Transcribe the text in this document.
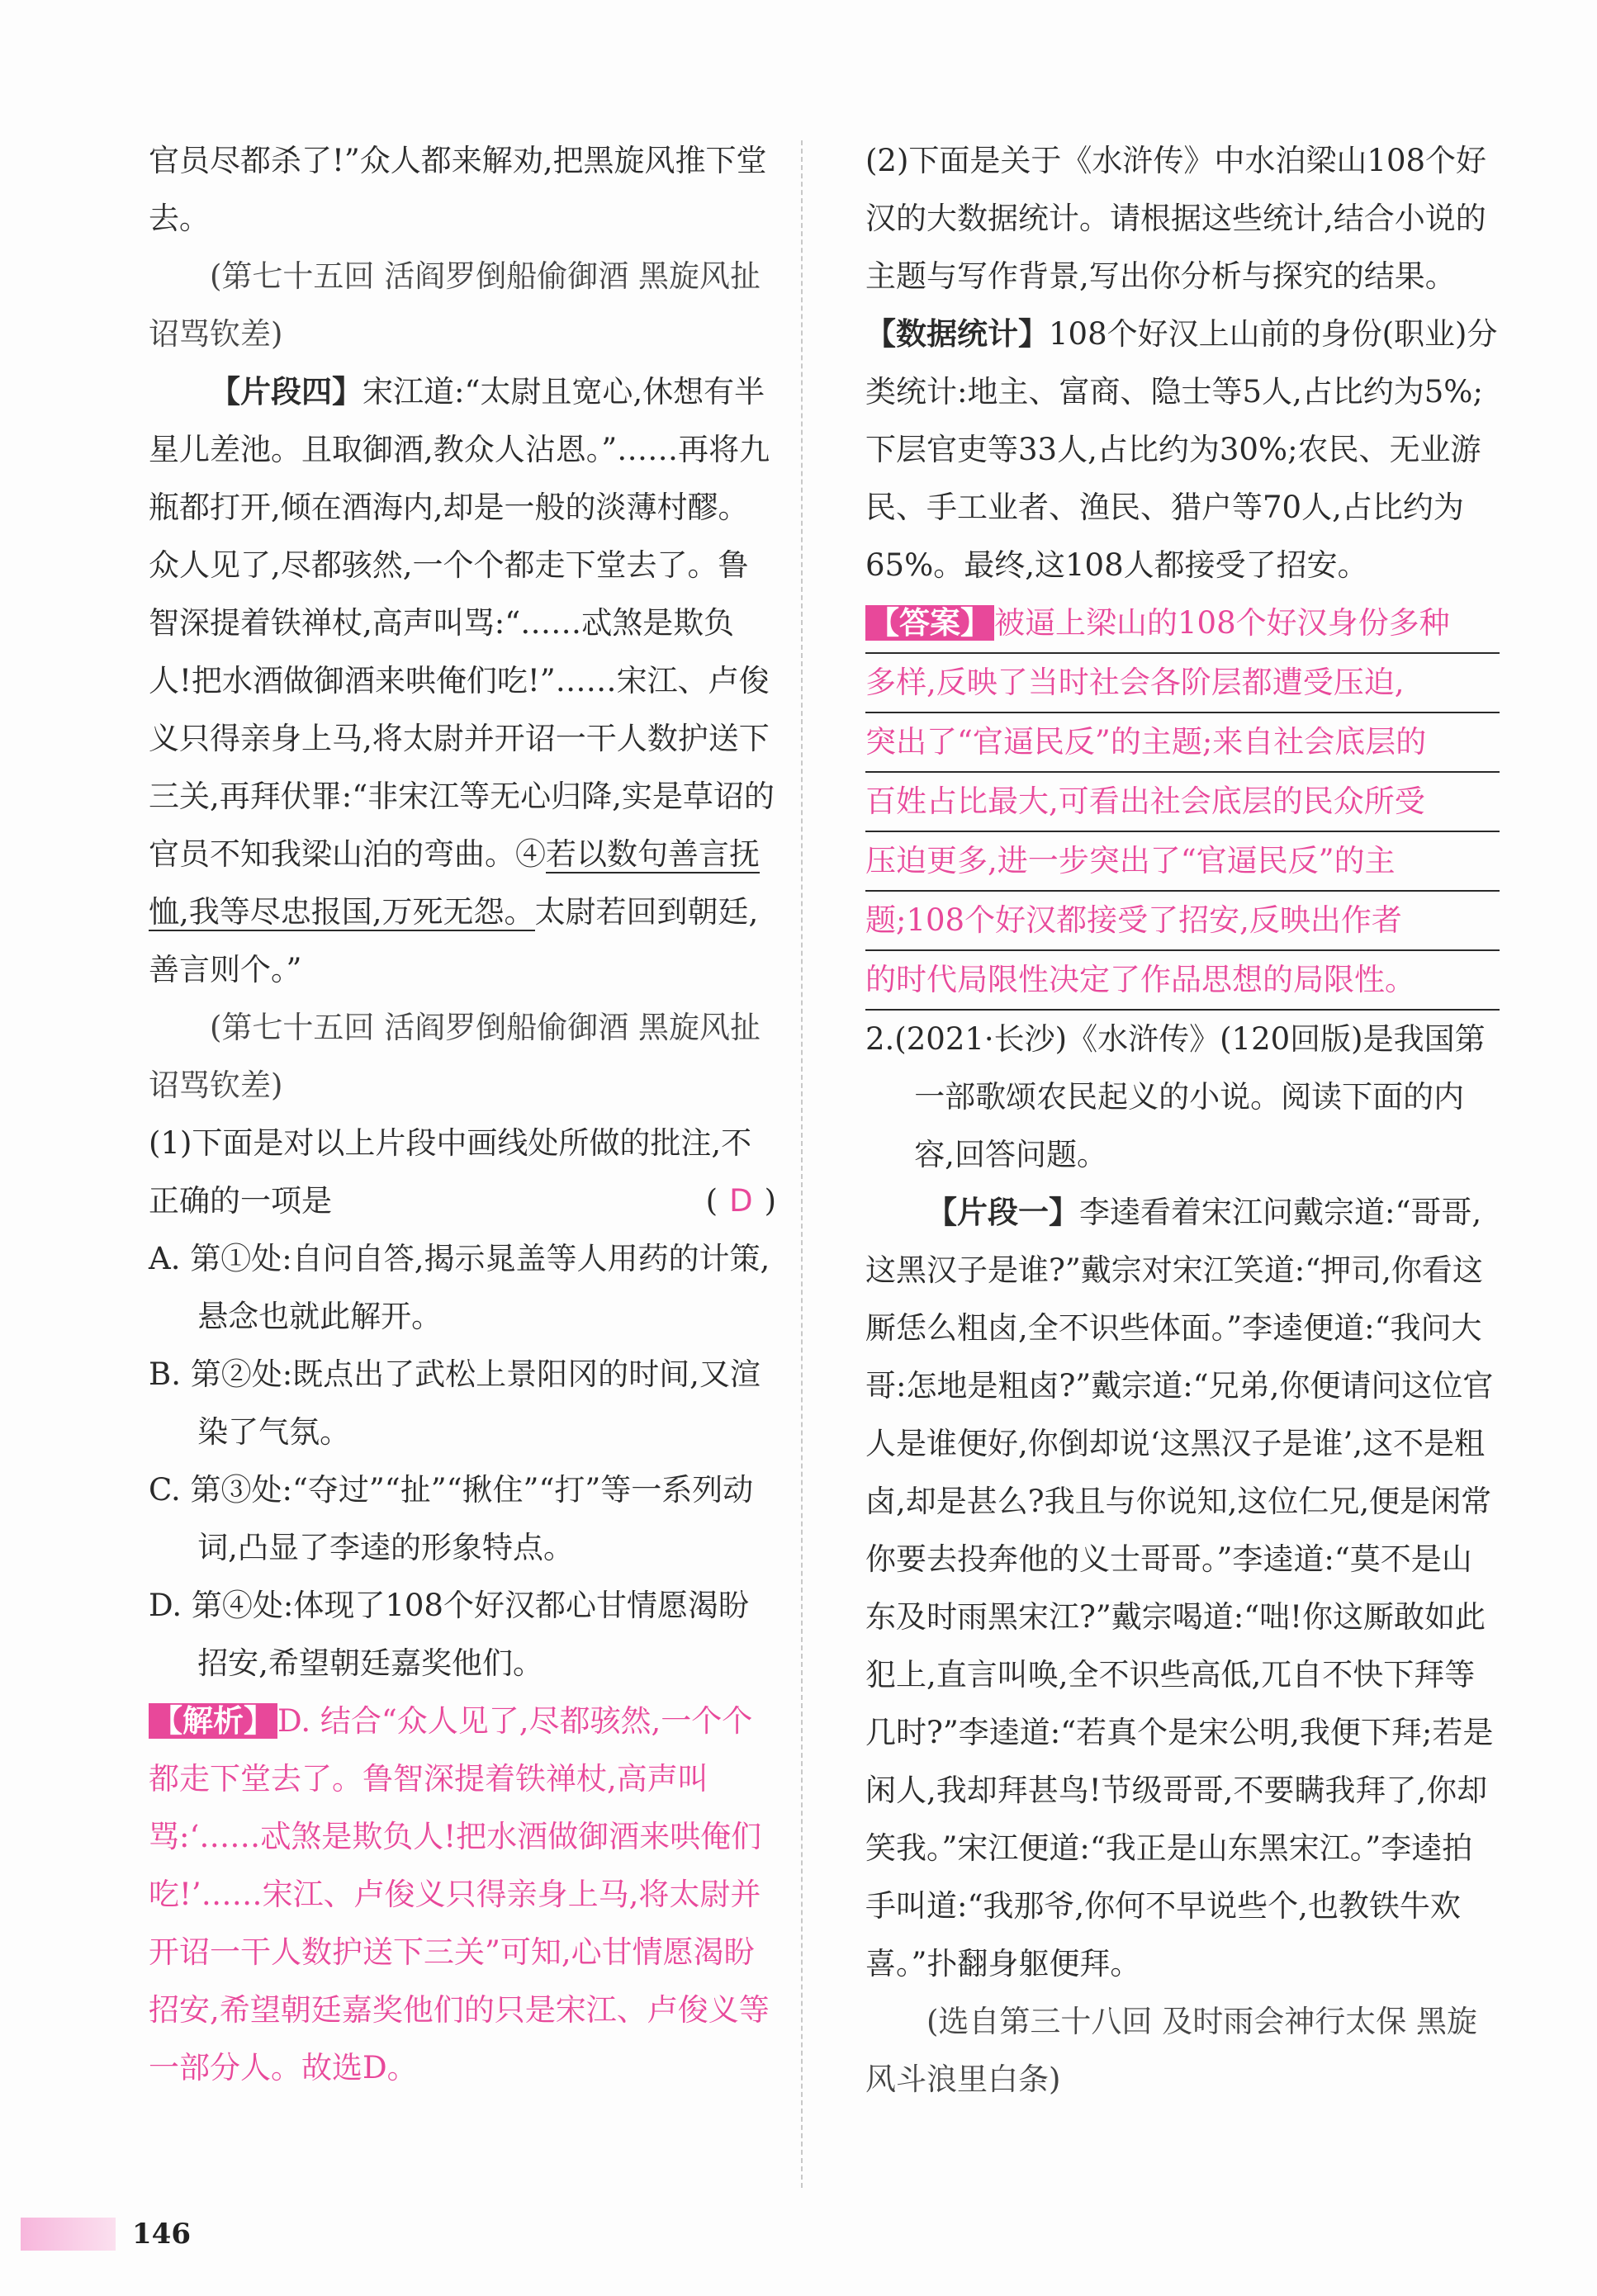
官员尽都杀了!”众人都来解劝,把黑旋风推下堂去。

(第七十五回 活阎罗倒船偷御酒 黑旋风扯诏骂钦差)

【片段四】宋江道:“太尉且宽心,休想有半星儿差池。且取御酒,教众人沾恩。”……再将九瓶都打开,倾在酒海内,却是一般的淡薄村醪。众人见了,尽都骇然,一个个都走下堂去了。鲁智深提着铁禅杖,高声叫骂:“……忒煞是欺负人!把水酒做御酒来哄俺们吃!”……宋江、卢俊义只得亲身上马,将太尉并开诏一干人数护送下三关,再拜伏罪:“非宋江等无心归降,实是草诏的官员不知我梁山泊的弯曲。④若以数句善言抚恤,我等尽忠报国,万死无怨。太尉若回到朝廷,善言则个。”

(第七十五回 活阎罗倒船偷御酒 黑旋风扯诏骂钦差)

(1)下面是对以上片段中画线处所做的批注,不正确的一项是	( D )

A. 第①处:自问自答,揭示晁盖等人用药的计策,悬念也就此解开。

B. 第②处:既点出了武松上景阳冈的时间,又渲染了气氛。

C. 第③处:“夺过”“扯”“揪住”“打”等一系列动词,凸显了李逵的形象特点。

D. 第④处:体现了108个好汉都心甘情愿渴盼招安,希望朝廷嘉奖他们。

【解析】 D. 结合“众人见了,尽都骇然,一个个都走下堂去了。鲁智深提着铁禅杖,高声叫骂:‘……忒煞是欺负人!把水酒做御酒来哄俺们吃!’……宋江、卢俊义只得亲身上马,将太尉并开诏一干人数护送下三关”可知,心甘情愿渴盼招安,希望朝廷嘉奖他们的只是宋江、卢俊义等一部分人。故选D。

(2)下面是关于《水浒传》中水泊梁山108个好汉的大数据统计。请根据这些统计,结合小说的主题与写作背景,写出你分析与探究的结果。

【数据统计】108个好汉上山前的身份(职业)分类统计:地主、富商、隐士等5人,占比约为5%;下层官吏等33人,占比约为30%;农民、无业游民、手工业者、渔民、猎户等70人,占比约为65%。最终,这108人都接受了招安。

【答案】 被逼上梁山的108个好汉身份多种
多样,反映了当时社会各阶层都遭受压迫,
突出了“官逼民反”的主题;来自社会底层的
百姓占比最大,可看出社会底层的民众所受
压迫更多,进一步突出了“官逼民反”的主
题;108个好汉都接受了招安,反映出作者
的时代局限性决定了作品思想的局限性。

2.(2021·长沙)《水浒传》(120回版)是我国第一部歌颂农民起义的小说。阅读下面的内容,回答问题。

【片段一】李逵看着宋江问戴宗道:“哥哥,这黑汉子是谁?”戴宗对宋江笑道:“押司,你看这厮恁么粗卤,全不识些体面。”李逵便道:“我问大哥:怎地是粗卤?”戴宗道:“兄弟,你便请问这位官人是谁便好,你倒却说‘这黑汉子是谁’,这不是粗卤,却是甚么?我且与你说知,这位仁兄,便是闲常你要去投奔他的义士哥哥。”李逵道:“莫不是山东及时雨黑宋江?”戴宗喝道:“咄!你这厮敢如此犯上,直言叫唤,全不识些高低,兀自不快下拜等几时?”李逵道:“若真个是宋公明,我便下拜;若是闲人,我却拜甚鸟!节级哥哥,不要瞒我拜了,你却笑我。”宋江便道:“我正是山东黑宋江。”李逵拍手叫道:“我那爷,你何不早说些个,也教铁牛欢喜。”扑翻身躯便拜。

(选自第三十八回 及时雨会神行太保 黑旋风斗浪里白条)

146
